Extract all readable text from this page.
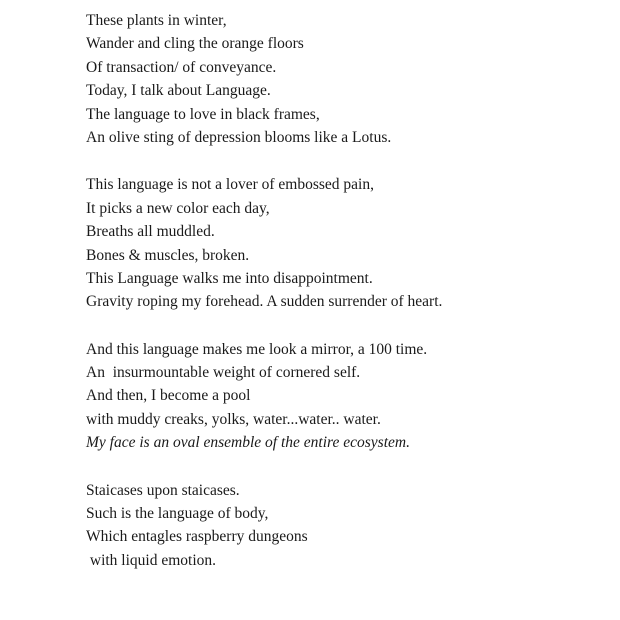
These plants in winter,
Wander and cling the orange floors
Of transaction/ of conveyance.
Today, I talk about Language.
The language to love in black frames,
An olive sting of depression blooms like a Lotus.
This language is not a lover of embossed pain,
It picks a new color each day,
Breaths all muddled.
Bones & muscles, broken.
This Language walks me into disappointment.
Gravity roping my forehead. A sudden surrender of heart.
And this language makes me look a mirror, a 100 time.
An  insurmountable weight of cornered self.
And then, I become a pool
with muddy creaks, yolks, water...water.. water.
My face is an oval ensemble of the entire ecosystem.
Staicases upon staicases.
Such is the language of body,
Which entagles raspberry dungeons
with liquid emotion.
